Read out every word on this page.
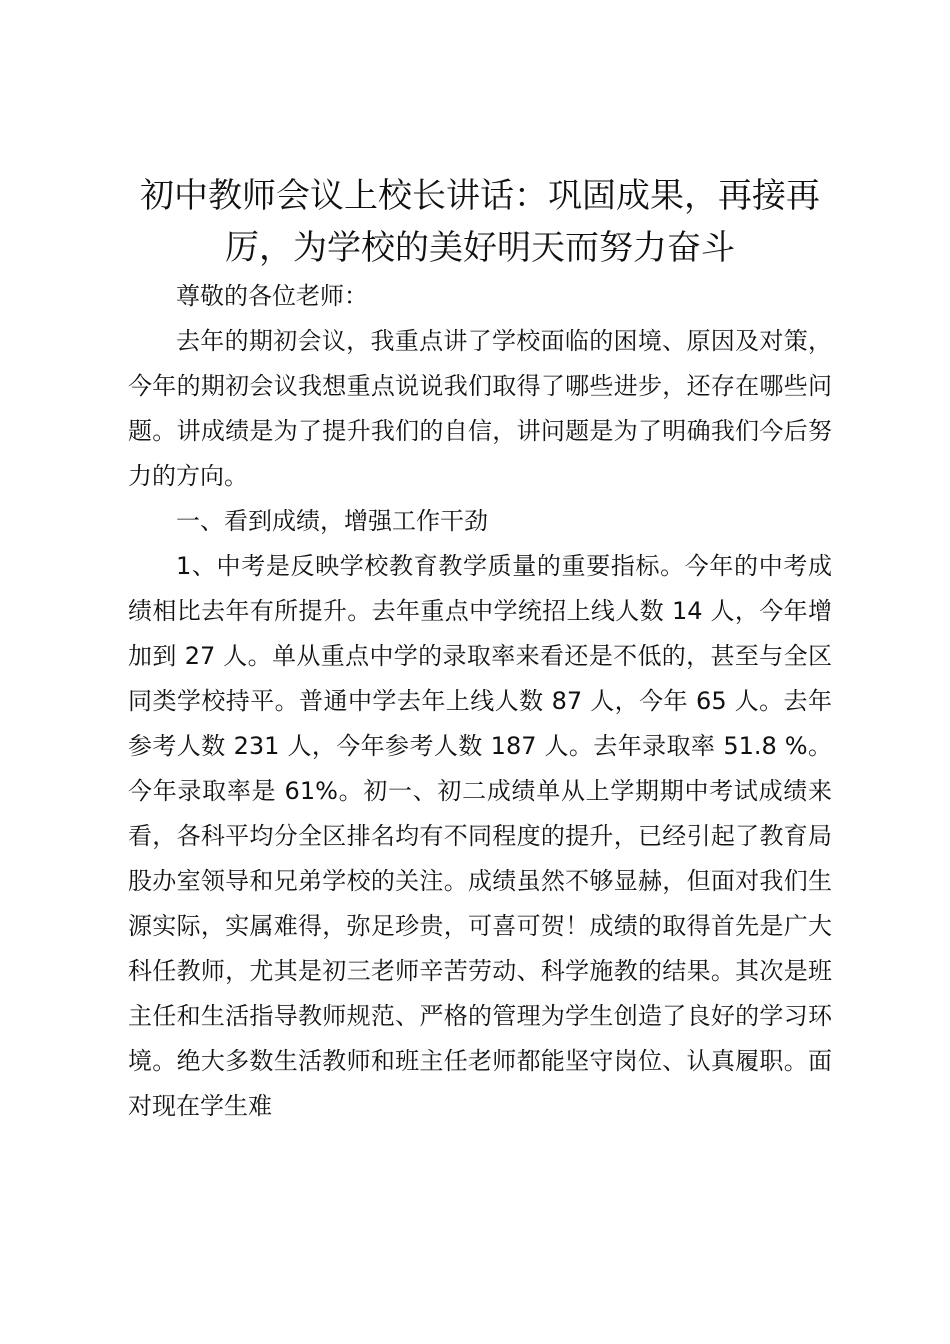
初中教师会议上校长讲话：巩固成果，再接再厉，为学校的美好明天而努力奋斗

尊敬的各位老师：

去年的期初会议，我重点讲了学校面临的困境、原因及对策，今年的期初会议我想重点说说我们取得了哪些进步，还存在哪些问题。讲成绩是为了提升我们的自信，讲问题是为了明确我们今后努力的方向。

一、看到成绩，增强工作干劲

1、中考是反映学校教育教学质量的重要指标。今年的中考成绩相比去年有所提升。去年重点中学统招上线人数 14 人，今年增加到 27 人。单从重点中学的录取率来看还是不低的，甚至与全区同类学校持平。普通中学去年上线人数 87 人，今年 65 人。去年参考人数 231 人，今年参考人数 187 人。去年录取率 51.8 %。今年录取率是 61%。初一、初二成绩单从上学期期中考试成绩来看，各科平均分全区排名均有不同程度的提升，已经引起了教育局股办室领导和兄弟学校的关注。成绩虽然不够显赫，但面对我们生源实际，实属难得，弥足珍贵，可喜可贺！成绩的取得首先是广大科任教师，尤其是初三老师辛苦劳动、科学施教的结果。其次是班主任和生活指导教师规范、严格的管理为学生创造了良好的学习环境。绝大多数生活教师和班主任老师都能坚守岗位、认真履职。面对现在学生难
